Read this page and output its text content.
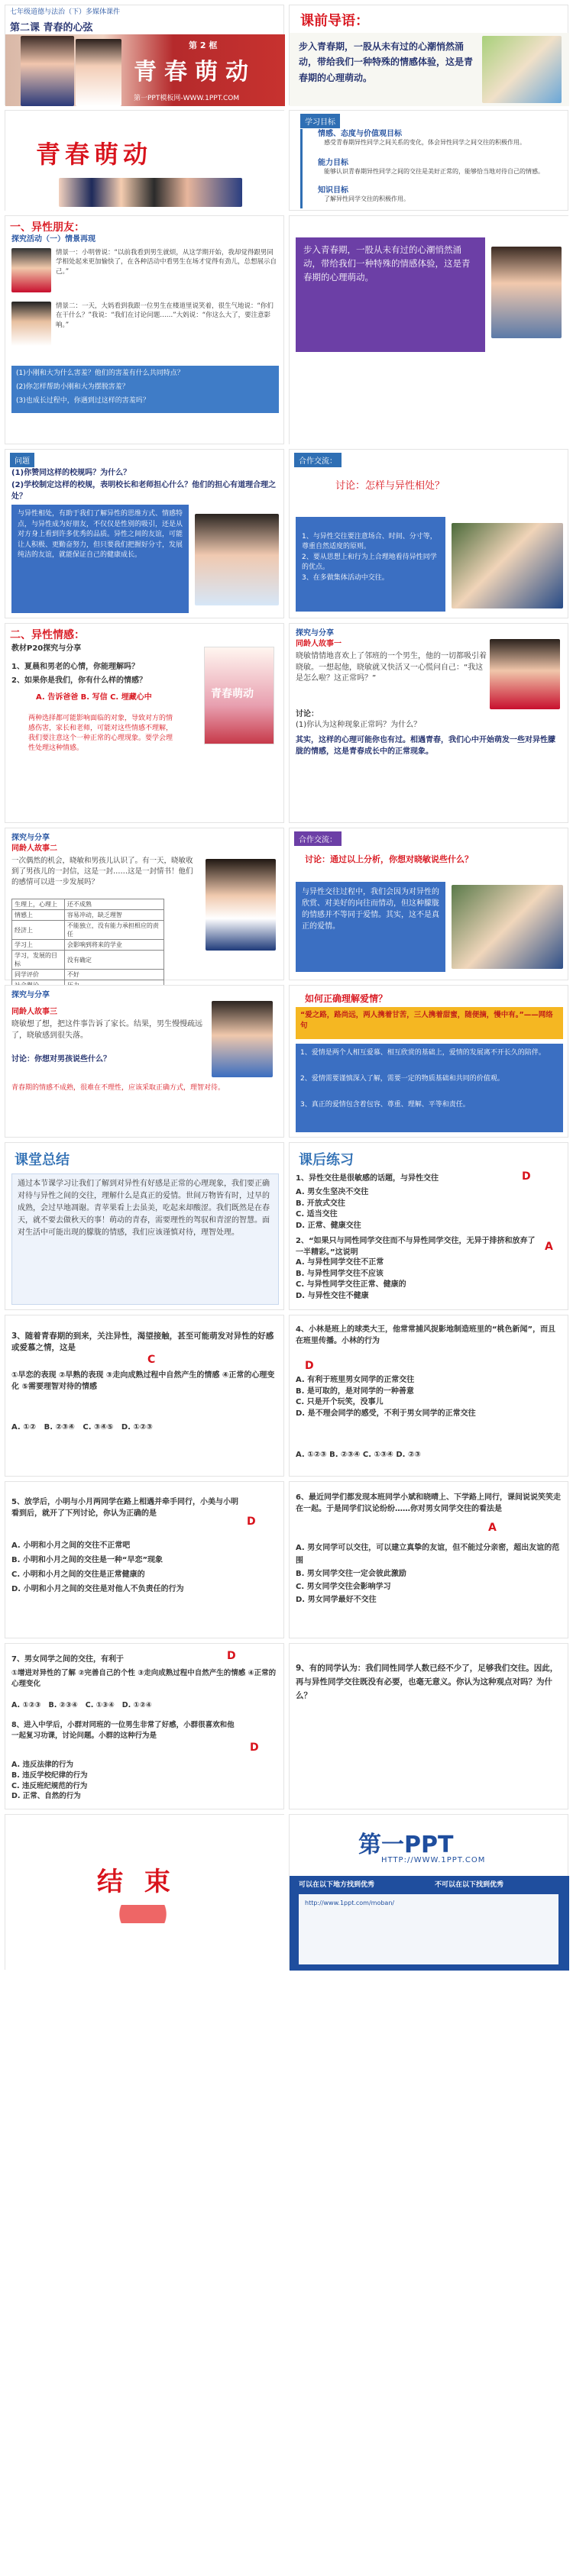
七年级道德与法治（下）多媒体课件
第二课 青春的心弦
第 2 框
青春萌动
第一PPT模板网-WWW.1PPT.COM
课前导语：
步入青春期，一股从未有过的心潮悄然涌动，带给我们一种特殊的情感体验，这是青春期的心理萌动。
青春萌动
学习目标
情感、态度与价值观目标
感受青春期异性同学之间关系的变化，体会异性同学之间交往的积极作用。
能力目标
能够认识青春期异性同学之间的交往是美好正常的，能够恰当地对待自己的情感。
知识目标
了解异性同学交往的积极作用。
一、异性朋友：
探究活动（一）情景再现
情景一：小明曾说：“以前我看到男生就烦，从这学期开始，我却觉得跟男同学相处起来更加愉快了，在各种活动中看男生在场才觉得有劲儿，总想展示自己。”
情景二：一天，大妈看到我跟一位男生在楼道里说笑着，很生气地说：“你们在干什么？”我说：“我们在讨论问题……”大妈说：“你这么大了，要注意影响。”
(1)小刚和大为什么害羞？他们的害羞有什么共同特点？
(2)你怎样帮助小刚和大为摆脱害羞？
(3)也成长过程中，你遇到过这样的害羞吗？
步入青春期，一股从未有过的心潮悄然涌动，带给我们一种特殊的情感体验，这是青春期的心理萌动。
问题
(1)你赞同这样的校规吗？为什么？
(2)学校制定这样的校规，表明校长和老师担心什么？他们的担心有道理合理之处？
与异性相处，有助于我们了解异性的思维方式、情感特点，与异性成为好朋友，不仅仅是性别的吸引，还是从对方身上看到许多优秀的品质。异性之间的友谊，可能让人积极、更勤奋努力，但只要我们把握好分寸，发展纯洁的友谊，就能保证自己的健康成长。
合作交流：
讨论：怎样与异性相处？

1、与异性交往要注意场合、时间、分寸等，尊重自然适度的原则。
2、要从思想上和行为上合理地看待异性同学的优点。
3、在多做集体活动中交往。

二、异性情感：
教材P20探究与分享
1、夏晨和男老的心情，你能理解吗？
2、如果你是我们，你有什么样的情感？
A. 告诉爸爸 B. 写信 C. 埋藏心中
两种选择都可能影响面临的对象，导致对方的情感伤害，家长和老师，可能对这些情感不理解，我们要注意这个一种正常的心理现象。要学会理性处理这种情感。
青春萌动
探究与分享
同龄人故事一
晓敏情情地喜欢上了邻班的一个男生，他的一切都吸引着晓敏。一想起他，晓敏就又快活又一心慌问自己：“我这是怎么啦？这正常吗？”
讨论：
(1)你认为这种现象正常吗？为什么？
其实，这样的心理可能你也有过。相遇青春，我们心中开始萌发一些对异性朦胧的情感，这是青春成长中的正常现象。
探究与分享
同龄人故事二
一次偶然的机会，晓敏和男孩儿认识了。有一天，晓敏收到了男孩儿的一封信，这是一封……这是一封情书！他们的感情可以进一步发展吗？
生理上，心理上	还不成熟
情感上	容易冲动，缺乏理智
经济上	不能独立，没有能力承担相应的责任
学习上	会影响到将来的学业
学习，发展的目标	没有确定
同学评价	不好

合作交流：
讨论：通过以上分析，你想对晓敏说些什么？
与异性交往过程中，我们会因为对异性的欣赏、对美好的向往而情动，但这种朦胧的情感并不等同于爱情。其实，这不是真正的爱情。
探究与分享
同龄人故事三
晓敏想了想，把这件事告诉了家长。结果，男生慢慢疏远了，晓敏感到很失落。
讨论：你想对男孩说些什么？
青春期的情感不成熟，很难在不理性，应该采取正确方式，理智对待。
如何正确理解爱情？
“爱之路，路尚远，两人携着甘苦，三人携着甜蜜，随便摘，慢中有。”——网络句
1、爱情是两个人相互爱慕、相互欣赏的基础上，爱情的发展离不开长久的陪伴。
2、爱情需要谨慎深入了解，需要一定的物质基础和共同的价值观。
3、真正的爱情包含着包容、尊重、理解、平等和责任。
课堂总结
通过本节课学习让我们了解到对异性有好感是正常的心理现象，我们要正确对待与异性之间的交往，理解什么是真正的爱情。世间万物皆有时，过早的成熟，会过早地凋谢。青苹果看上去虽美，吃起来却酸涩。我们既然是在春天，就不要去做秋天的事！萌动的青春，需要理性的驾驭和青涩的智慧。面对生活中可能出现的朦胧的情感，我们应该谨慎对待，理智处理。
课后练习
1、异性交往是很敏感的话题，与异性交往	D
A. 男女生坚决不交往
B. 开放式交往
C. 适当交往
D. 正常、健康交往
2、“如果只与同性同学交往而不与异性同学交往，无异于排挤和放弃了一半精彩。”这说明	A
A. 与异性同学交往不正常
B. 与异性同学交往不应该
C. 与异性同学交往正常、健康的
D. 与异性交往不健康
3、随着青春期的到来，关注异性，渴望接触，甚至可能萌发对异性的好感或爱慕之情，这是
C
①早恋的表现 ②早熟的表现 ③走向成熟过程中自然产生的情感 ④正常的心理变化 ⑤需要理智对待的情感
A. ①② B. ②③④ C. ③④⑤ D. ①②③
4、小林是班上的球类大王，他常常捕风捉影地制造班里的“桃色新闻”，而且在班里传播。小林的行为
D
A. 有利于班里男女同学的正常交往
B. 是可取的，是对同学的一种善意
C. 只是开个玩笑，没事儿
D. 是不理会同学的感受，不利于男女同学的正常交往
A. ①②③ B. ②③④ C. ①③④ D. ②③
5、放学后，小明与小月两同学在路上相遇并牵手同行，小美与小明看到后，就开了下列讨论，你认为正确的是
D
A. 小明和小月之间的交往不正常吧
B. 小明和小月之间的交往是一种“早恋”现象
C. 小明和小月之间的交往是正常健康的
D. 小明和小月之间的交往是对他人不负责任的行为
6、最近同学们都发现本班同学小斌和晓晴上、下学路上同行，课间说说笑笑走在一起。于是同学们议论纷纷……你对男女同学交往的看法是
A
A. 男女同学可以交往，可以建立真挚的友谊，但不能过分亲密，超出友谊的范围
B. 男女同学交往一定会彼此激励
C. 男女同学交往会影响学习
D. 男女同学最好不交往
7、男女同学之间的交往，有利于	D
①增进对异性的了解 ②完善自己的个性 ③走向成熟过程中自然产生的情感 ④正常的心理变化
A. ①②③ B. ②③④ C. ①③④ D. ①②④
8、进入中学后，小群对同班的一位男生非常了好感，小群很喜欢和他一起复习功课，讨论问题。小群的这种行为是
D
A. 违反法律的行为
B. 违反学校纪律的行为
C. 违反班纪规范的行为
D. 正常、自然的行为
9、有的同学认为：我们同性同学人数已经不少了，足够我们交往。因此，再与异性同学交往既没有必要，也毫无意义。你认为这种观点对吗？为什么？
结 束
第一PPT
HTTP://WWW.1PPT.COM
可以在以下地方找到优秀	不可以在以下找到优秀
http://www.1ppt.com/moban/
